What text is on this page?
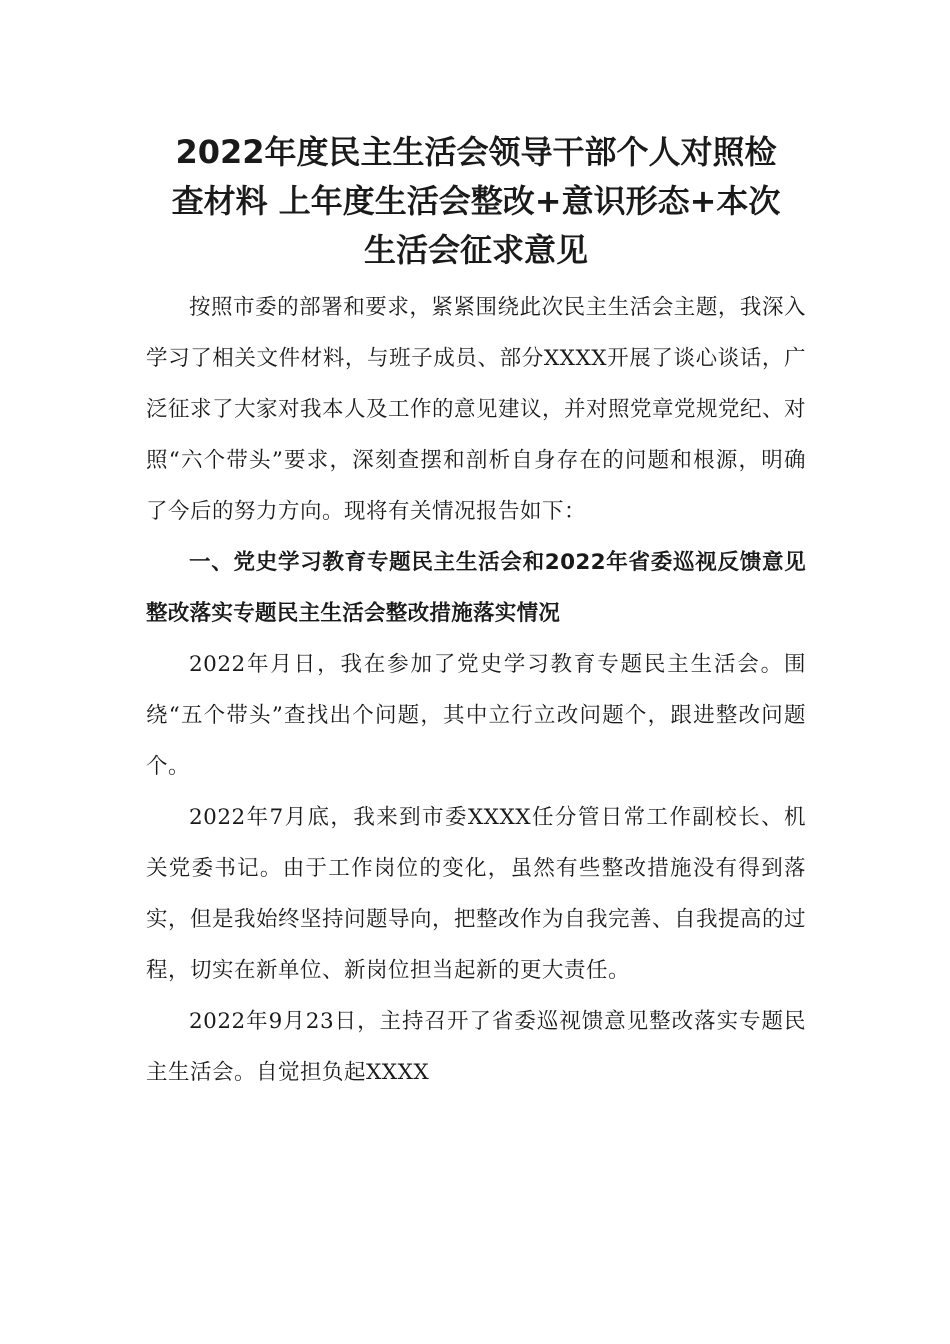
2022年度民主生活会领导干部个人对照检
查材料 上年度生活会整改+意识形态+本次
生活会征求意见

按照市委的部署和要求，紧紧围绕此次民主生活会主题，我深入学习了相关文件材料，与班子成员、部分XXXX开展了谈心谈话，广泛征求了大家对我本人及工作的意见建议，并对照党章党规党纪、对照“六个带头”要求，深刻查摆和剖析自身存在的问题和根源，明确了今后的努力方向。现将有关情况报告如下：

一、党史学习教育专题民主生活会和2022年省委巡视反馈意见整改落实专题民主生活会整改措施落实情况

2022年月日，我在参加了党史学习教育专题民主生活会。围绕“五个带头”查找出个问题，其中立行立改问题个，跟进整改问题个。

2022年7月底，我来到市委XXXX任分管日常工作副校长、机关党委书记。由于工作岗位的变化，虽然有些整改措施没有得到落实，但是我始终坚持问题导向，把整改作为自我完善、自我提高的过程，切实在新单位、新岗位担当起新的更大责任。

2022年9月23日，主持召开了省委巡视馈意见整改落实专题民主生活会。自觉担负起XXXX
